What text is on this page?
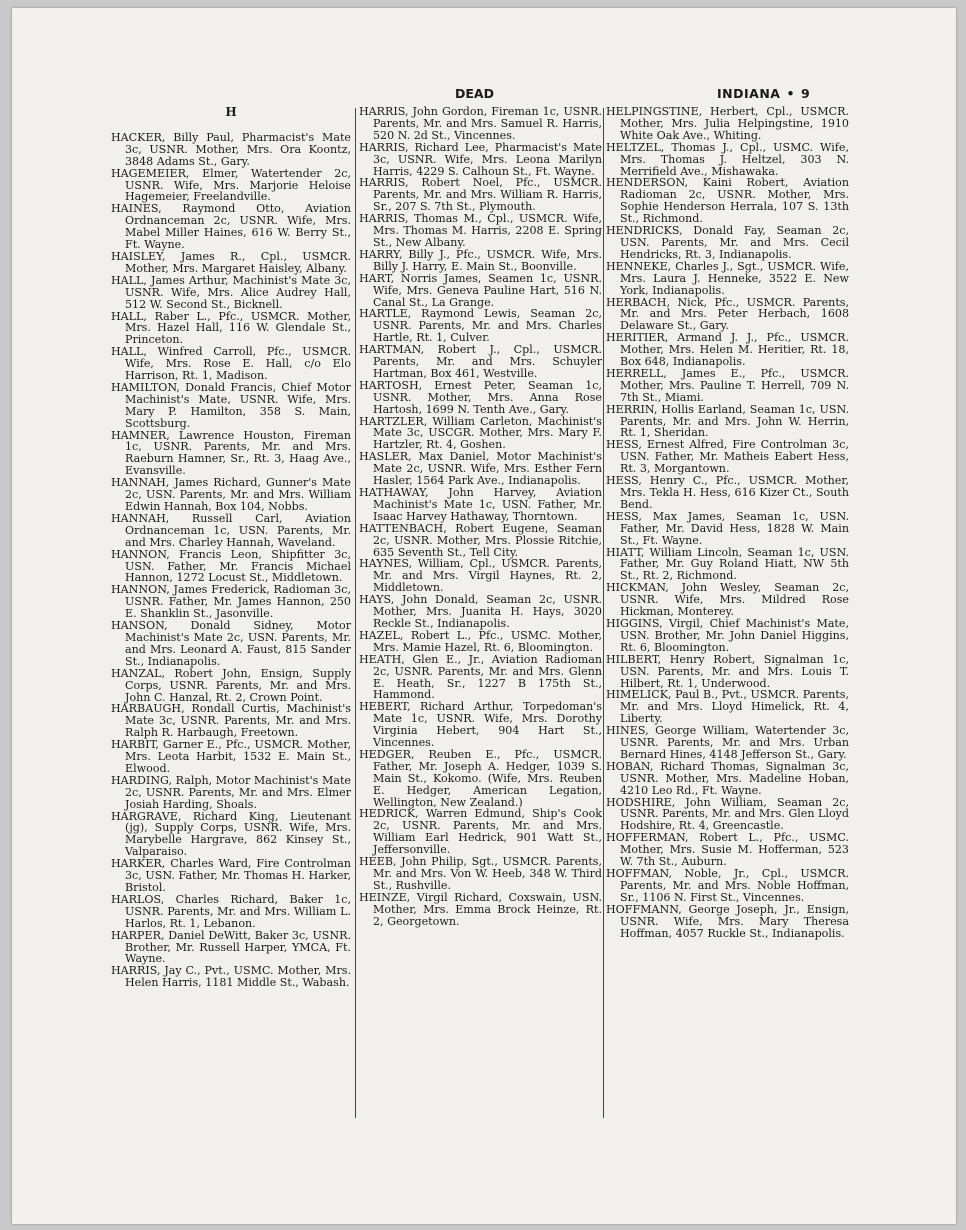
DEAD	INDIANA • 9
H

HACKER, Billy Paul, Pharmacist's Mate 3c, USNR. Mother, Mrs. Ora Koontz, 3848 Adams St., Gary.

HAGEMEIER, Elmer, Watertender 2c, USNR. Wife, Mrs. Marjorie Heloise Hagemeier, Freelandville.

HAINES, Raymond Otto, Aviation Ordnanceman 2c, USNR. Wife, Mrs. Mabel Miller Haines, 616 W. Berry St., Ft. Wayne.

HAISLEY, James R., Cpl., USMCR. Mother, Mrs. Margaret Haisley, Albany.

HALL, James Arthur, Machinist's Mate 3c, USNR. Wife, Mrs. Alice Audrey Hall, 512 W. Second St., Bicknell.

HALL, Raber L., Pfc., USMCR. Mother, Mrs. Hazel Hall, 116 W. Glendale St., Princeton.

HALL, Winfred Carroll, Pfc., USMCR. Wife, Mrs. Rose E. Hall, c/o Elo Harrison, Rt. 1, Madison.

HAMILTON, Donald Francis, Chief Motor Machinist's Mate, USNR. Wife, Mrs. Mary P. Hamilton, 358 S. Main, Scottsburg.

HAMNER, Lawrence Houston, Fireman 1c, USNR. Parents, Mr. and Mrs. Raeburn Hamner, Sr., Rt. 3, Haag Ave., Evansville.

HANNAH, James Richard, Gunner's Mate 2c, USN. Parents, Mr. and Mrs. William Edwin Hannah, Box 104, Nobbs.

HANNAH, Russell Carl, Aviation Ordnanceman 1c, USN. Parents, Mr. and Mrs. Charley Hannah, Waveland.

HANNON, Francis Leon, Shipfitter 3c, USN. Father, Mr. Francis Michael Hannon, 1272 Locust St., Middletown.

HANNON, James Frederick, Radioman 3c, USNR. Father, Mr. James Hannon, 250 E. Shanklin St., Jasonville.

HANSON, Donald Sidney, Motor Machinist's Mate 2c, USN. Parents, Mr. and Mrs. Leonard A. Faust, 815 Sander St., Indianapolis.

HANZAL, Robert John, Ensign, Supply Corps, USNR. Parents, Mr. and Mrs. John C. Hanzal, Rt. 2, Crown Point.

HARBAUGH, Rondall Curtis, Machinist's Mate 3c, USNR. Parents, Mr. and Mrs. Ralph R. Harbaugh, Freetown.

HARBIT, Garner E., Pfc., USMCR. Mother, Mrs. Leota Harbit, 1532 E. Main St., Elwood.

HARDING, Ralph, Motor Machinist's Mate 2c, USNR. Parents, Mr. and Mrs. Elmer Josiah Harding, Shoals.

HARGRAVE, Richard King, Lieutenant (jg), Supply Corps, USNR. Wife, Mrs. Marybelle Hargrave, 862 Kinsey St., Valparaiso.

HARKER, Charles Ward, Fire Controlman 3c, USN. Father, Mr. Thomas H. Harker, Bristol.

HARLOS, Charles Richard, Baker 1c, USNR. Parents, Mr. and Mrs. William L. Harlos, Rt. 1, Lebanon.

HARPER, Daniel DeWitt, Baker 3c, USNR. Brother, Mr. Russell Harper, YMCA, Ft. Wayne.

HARRIS, Jay C., Pvt., USMC. Mother, Mrs. Helen Harris, 1181 Middle St., Wabash.

HARRIS, John Gordon, Fireman 1c, USNR. Parents, Mr. and Mrs. Samuel R. Harris, 520 N. 2d St., Vincennes.

HARRIS, Richard Lee, Pharmacist's Mate 3c, USNR. Wife, Mrs. Leona Marilyn Harris, 4229 S. Calhoun St., Ft. Wayne.

HARRIS, Robert Noel, Pfc., USMCR. Parents, Mr. and Mrs. William R. Harris, Sr., 207 S. 7th St., Plymouth.

HARRIS, Thomas M., Cpl., USMCR. Wife, Mrs. Thomas M. Harris, 2208 E. Spring St., New Albany.

HARRY, Billy J., Pfc., USMCR. Wife, Mrs. Billy J. Harry, E. Main St., Boonville.

HART, Norris James, Seamen 1c, USNR. Wife, Mrs. Geneva Pauline Hart, 516 N. Canal St., La Grange.

HARTLE, Raymond Lewis, Seaman 2c, USNR. Parents, Mr. and Mrs. Charles Hartle, Rt. 1, Culver.

HARTMAN, Robert J., Cpl., USMCR. Parents, Mr. and Mrs. Schuyler Hartman, Box 461, Westville.

HARTOSH, Ernest Peter, Seaman 1c, USNR. Mother, Mrs. Anna Rose Hartosh, 1699 N. Tenth Ave., Gary.

HARTZLER, William Carleton, Machinist's Mate 3c, USCGR. Mother, Mrs. Mary F. Hartzler, Rt. 4, Goshen.

HASLER, Max Daniel, Motor Machinist's Mate 2c, USNR. Wife, Mrs. Esther Fern Hasler, 1564 Park Ave., Indianapolis.

HATHAWAY, John Harvey, Aviation Machinist's Mate 1c, USN. Father, Mr. Isaac Harvey Hathaway, Thorntown.

HATTENBACH, Robert Eugene, Seaman 2c, USNR. Mother, Mrs. Plossie Ritchie, 635 Seventh St., Tell City.

HAYNES, William, Cpl., USMCR. Parents, Mr. and Mrs. Virgil Haynes, Rt. 2, Middletown.

HAYS, John Donald, Seaman 2c, USNR. Mother, Mrs. Juanita H. Hays, 3020 Reckle St., Indianapolis.

HAZEL, Robert L., Pfc., USMC. Mother, Mrs. Mamie Hazel, Rt. 6, Bloomington.

HEATH, Glen E., Jr., Aviation Radioman 2c, USNR. Parents, Mr. and Mrs. Glenn E. Heath, Sr., 1227 B 175th St., Hammond.

HEBERT, Richard Arthur, Torpedoman's Mate 1c, USNR. Wife, Mrs. Dorothy Virginia Hebert, 904 Hart St., Vincennes.

HEDGER, Reuben E., Pfc., USMCR. Father, Mr. Joseph A. Hedger, 1039 S. Main St., Kokomo. (Wife, Mrs. Reuben E. Hedger, American Legation, Wellington, New Zealand.)

HEDRICK, Warren Edmund, Ship's Cook 2c, USNR. Parents, Mr. and Mrs. William Earl Hedrick, 901 Watt St., Jeffersonville.

HEEB, John Philip, Sgt., USMCR. Parents, Mr. and Mrs. Von W. Heeb, 348 W. Third St., Rushville.

HEINZE, Virgil Richard, Coxswain, USN. Mother, Mrs. Emma Brock Heinze, Rt. 2, Georgetown.

HELPINGSTINE, Herbert, Cpl., USMCR. Mother, Mrs. Julia Helpingstine, 1910 White Oak Ave., Whiting.

HELTZEL, Thomas J., Cpl., USMC. Wife, Mrs. Thomas J. Heltzel, 303 N. Merrifield Ave., Mishawaka.

HENDERSON, Kaini Robert, Aviation Radioman 2c, USNR. Mother, Mrs. Sophie Henderson Herrala, 107 S. 13th St., Richmond.

HENDRICKS, Donald Fay, Seaman 2c, USN. Parents, Mr. and Mrs. Cecil Hendricks, Rt. 3, Indianapolis.

HENNEKE, Charles J., Sgt., USMCR. Wife, Mrs. Laura J. Henneke, 3522 E. New York, Indianapolis.

HERBACH, Nick, Pfc., USMCR. Parents, Mr. and Mrs. Peter Herbach, 1608 Delaware St., Gary.

HERITIER, Armand J. J., Pfc., USMCR. Mother, Mrs. Helen M. Heritier, Rt. 18, Box 648, Indianapolis.

HERRELL, James E., Pfc., USMCR. Mother, Mrs. Pauline T. Herrell, 709 N. 7th St., Miami.

HERRIN, Hollis Earland, Seaman 1c, USN. Parents, Mr. and Mrs. John W. Herrin, Rt. 1, Sheridan.

HESS, Ernest Alfred, Fire Controlman 3c, USN. Father, Mr. Matheis Eabert Hess, Rt. 3, Morgantown.

HESS, Henry C., Pfc., USMCR. Mother, Mrs. Tekla H. Hess, 616 Kizer Ct., South Bend.

HESS, Max James, Seaman 1c, USN. Father, Mr. David Hess, 1828 W. Main St., Ft. Wayne.

HIATT, William Lincoln, Seaman 1c, USN. Father, Mr. Guy Roland Hiatt, NW 5th St., Rt. 2, Richmond.

HICKMAN, John Wesley, Seaman 2c, USNR. Wife, Mrs. Mildred Rose Hickman, Monterey.

HIGGINS, Virgil, Chief Machinist's Mate, USN. Brother, Mr. John Daniel Higgins, Rt. 6, Bloomington.

HILBERT, Henry Robert, Signalman 1c, USN. Parents, Mr. and Mrs. Louis T. Hilbert, Rt. 1, Underwood.

HIMELICK, Paul B., Pvt., USMCR. Parents, Mr. and Mrs. Lloyd Himelick, Rt. 4, Liberty.

HINES, George William, Watertender 3c, USNR. Parents, Mr. and Mrs. Urban Bernard Hines, 4148 Jefferson St., Gary.

HOBAN, Richard Thomas, Signalman 3c, USNR. Mother, Mrs. Madeline Hoban, 4210 Leo Rd., Ft. Wayne.

HODSHIRE, John William, Seaman 2c, USNR. Parents, Mr. and Mrs. Glen Lloyd Hodshire, Rt. 4, Greencastle.

HOFFERMAN, Robert L., Pfc., USMC. Mother, Mrs. Susie M. Hofferman, 523 W. 7th St., Auburn.

HOFFMAN, Noble, Jr., Cpl., USMCR. Parents, Mr. and Mrs. Noble Hoffman, Sr., 1106 N. First St., Vincennes.

HOFFMANN, George Joseph, Jr., Ensign, USNR. Wife, Mrs. Mary Theresa Hoffman, 4057 Ruckle St., Indianapolis.
